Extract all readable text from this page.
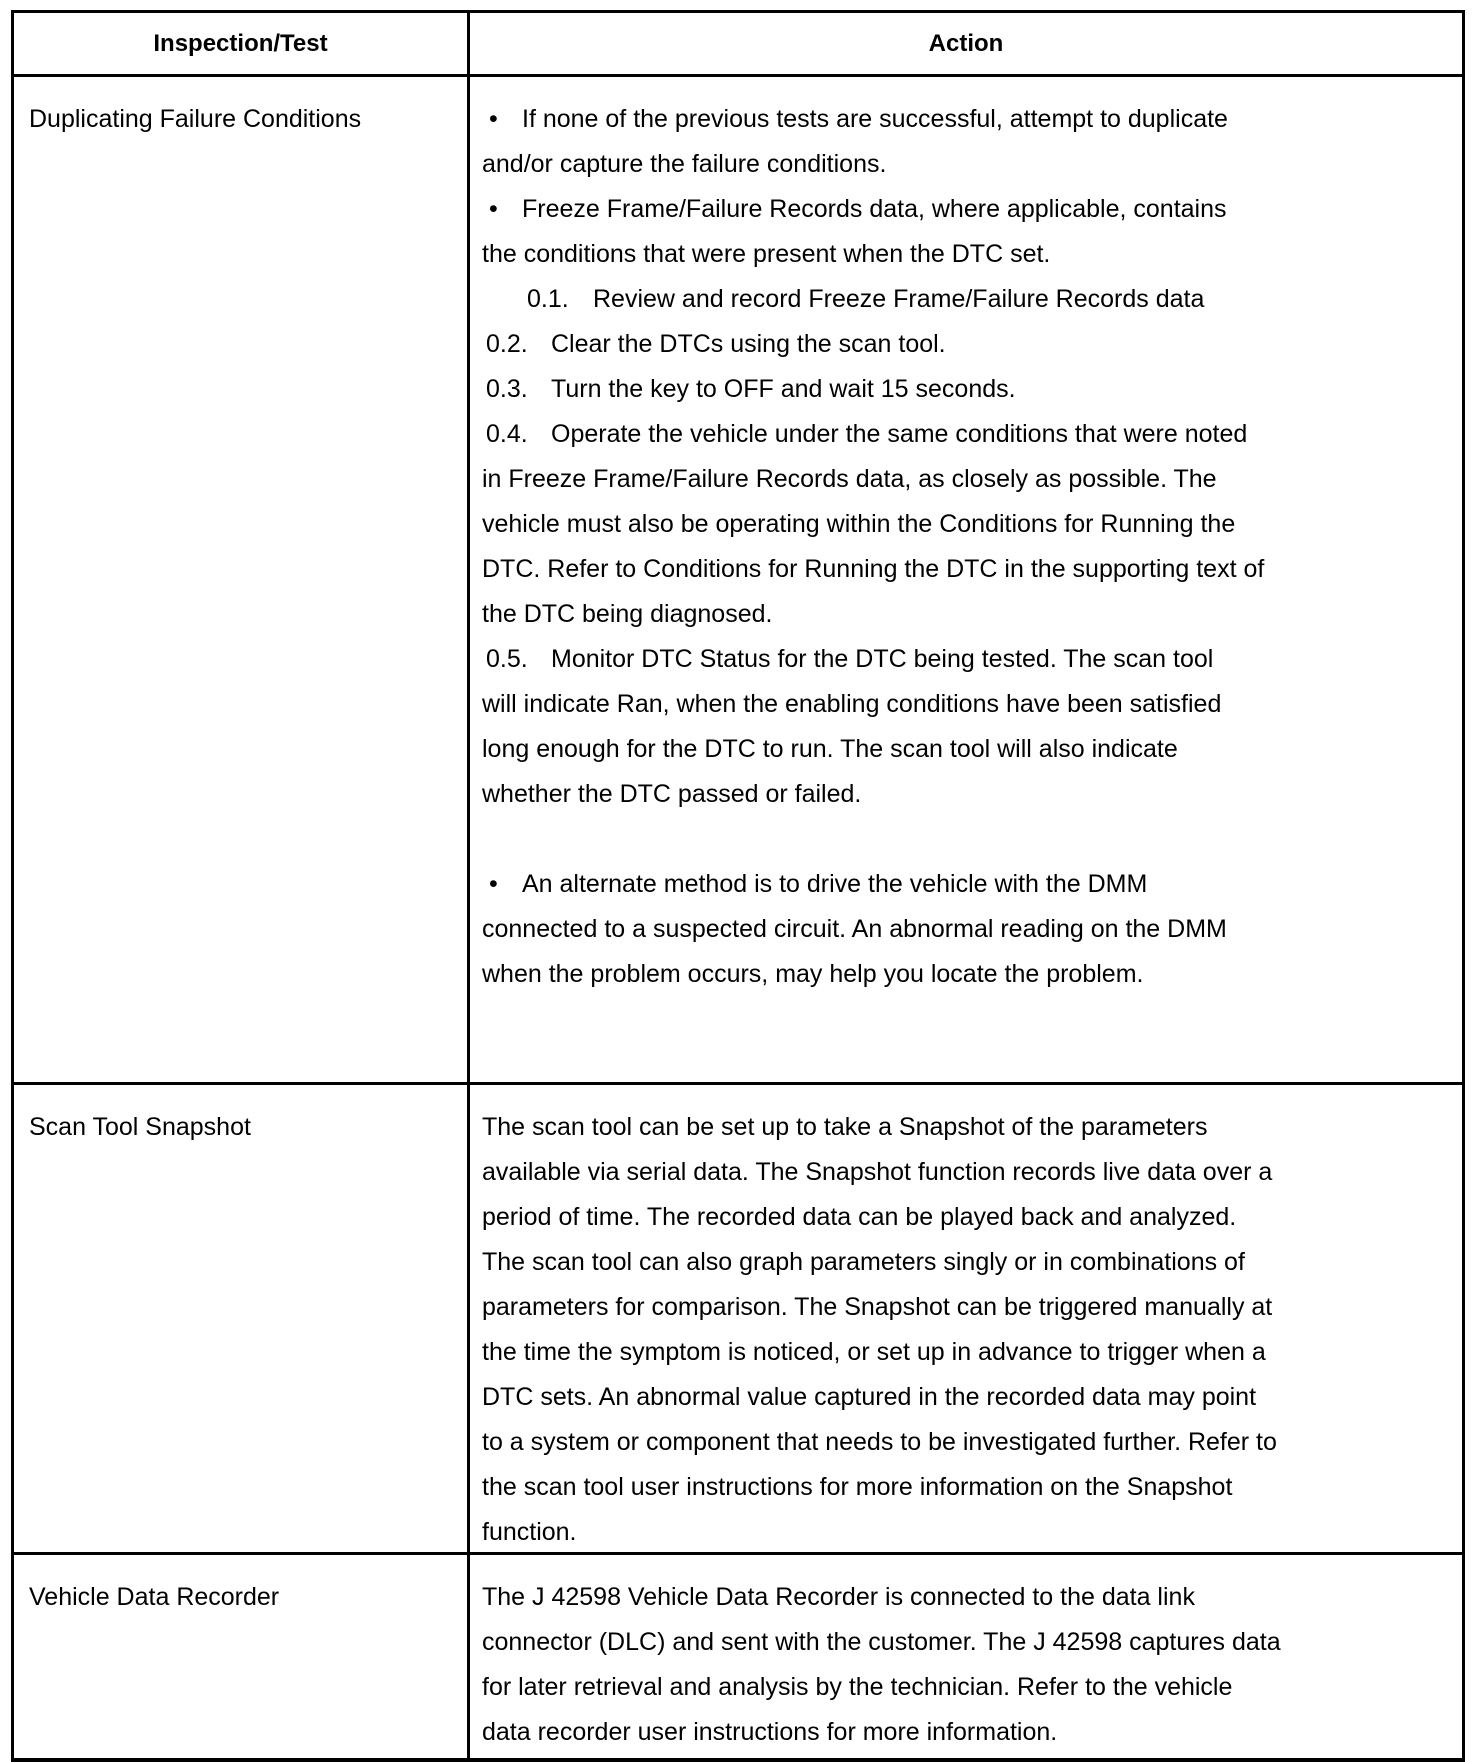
Inspection/Test	Action
Duplicating Failure Conditions	• If none of the previous tests are successful, attempt to duplicate
and/or capture the failure conditions.
• Freeze Frame/Failure Records data, where applicable, contains
the conditions that were present when the DTC set.
0.1. Review and record Freeze Frame/Failure Records data
0.2. Clear the DTCs using the scan tool.
0.3. Turn the key to OFF and wait 15 seconds.
0.4. Operate the vehicle under the same conditions that were noted
in Freeze Frame/Failure Records data, as closely as possible. The
vehicle must also be operating within the Conditions for Running the
DTC. Refer to Conditions for Running the DTC in the supporting text of
the DTC being diagnosed.
0.5. Monitor DTC Status for the DTC being tested. The scan tool
will indicate Ran, when the enabling conditions have been satisfied
long enough for the DTC to run. The scan tool will also indicate
whether the DTC passed or failed.
• An alternate method is to drive the vehicle with the DMM
connected to a suspected circuit. An abnormal reading on the DMM
when the problem occurs, may help you locate the problem.
Scan Tool Snapshot	The scan tool can be set up to take a Snapshot of the parameters
available via serial data. The Snapshot function records live data over a
period of time. The recorded data can be played back and analyzed.
The scan tool can also graph parameters singly or in combinations of
parameters for comparison. The Snapshot can be triggered manually at
the time the symptom is noticed, or set up in advance to trigger when a
DTC sets. An abnormal value captured in the recorded data may point
to a system or component that needs to be investigated further. Refer to
the scan tool user instructions for more information on the Snapshot
function.
Vehicle Data Recorder	The J 42598 Vehicle Data Recorder is connected to the data link
connector (DLC) and sent with the customer. The J 42598 captures data
for later retrieval and analysis by the technician. Refer to the vehicle
data recorder user instructions for more information.
